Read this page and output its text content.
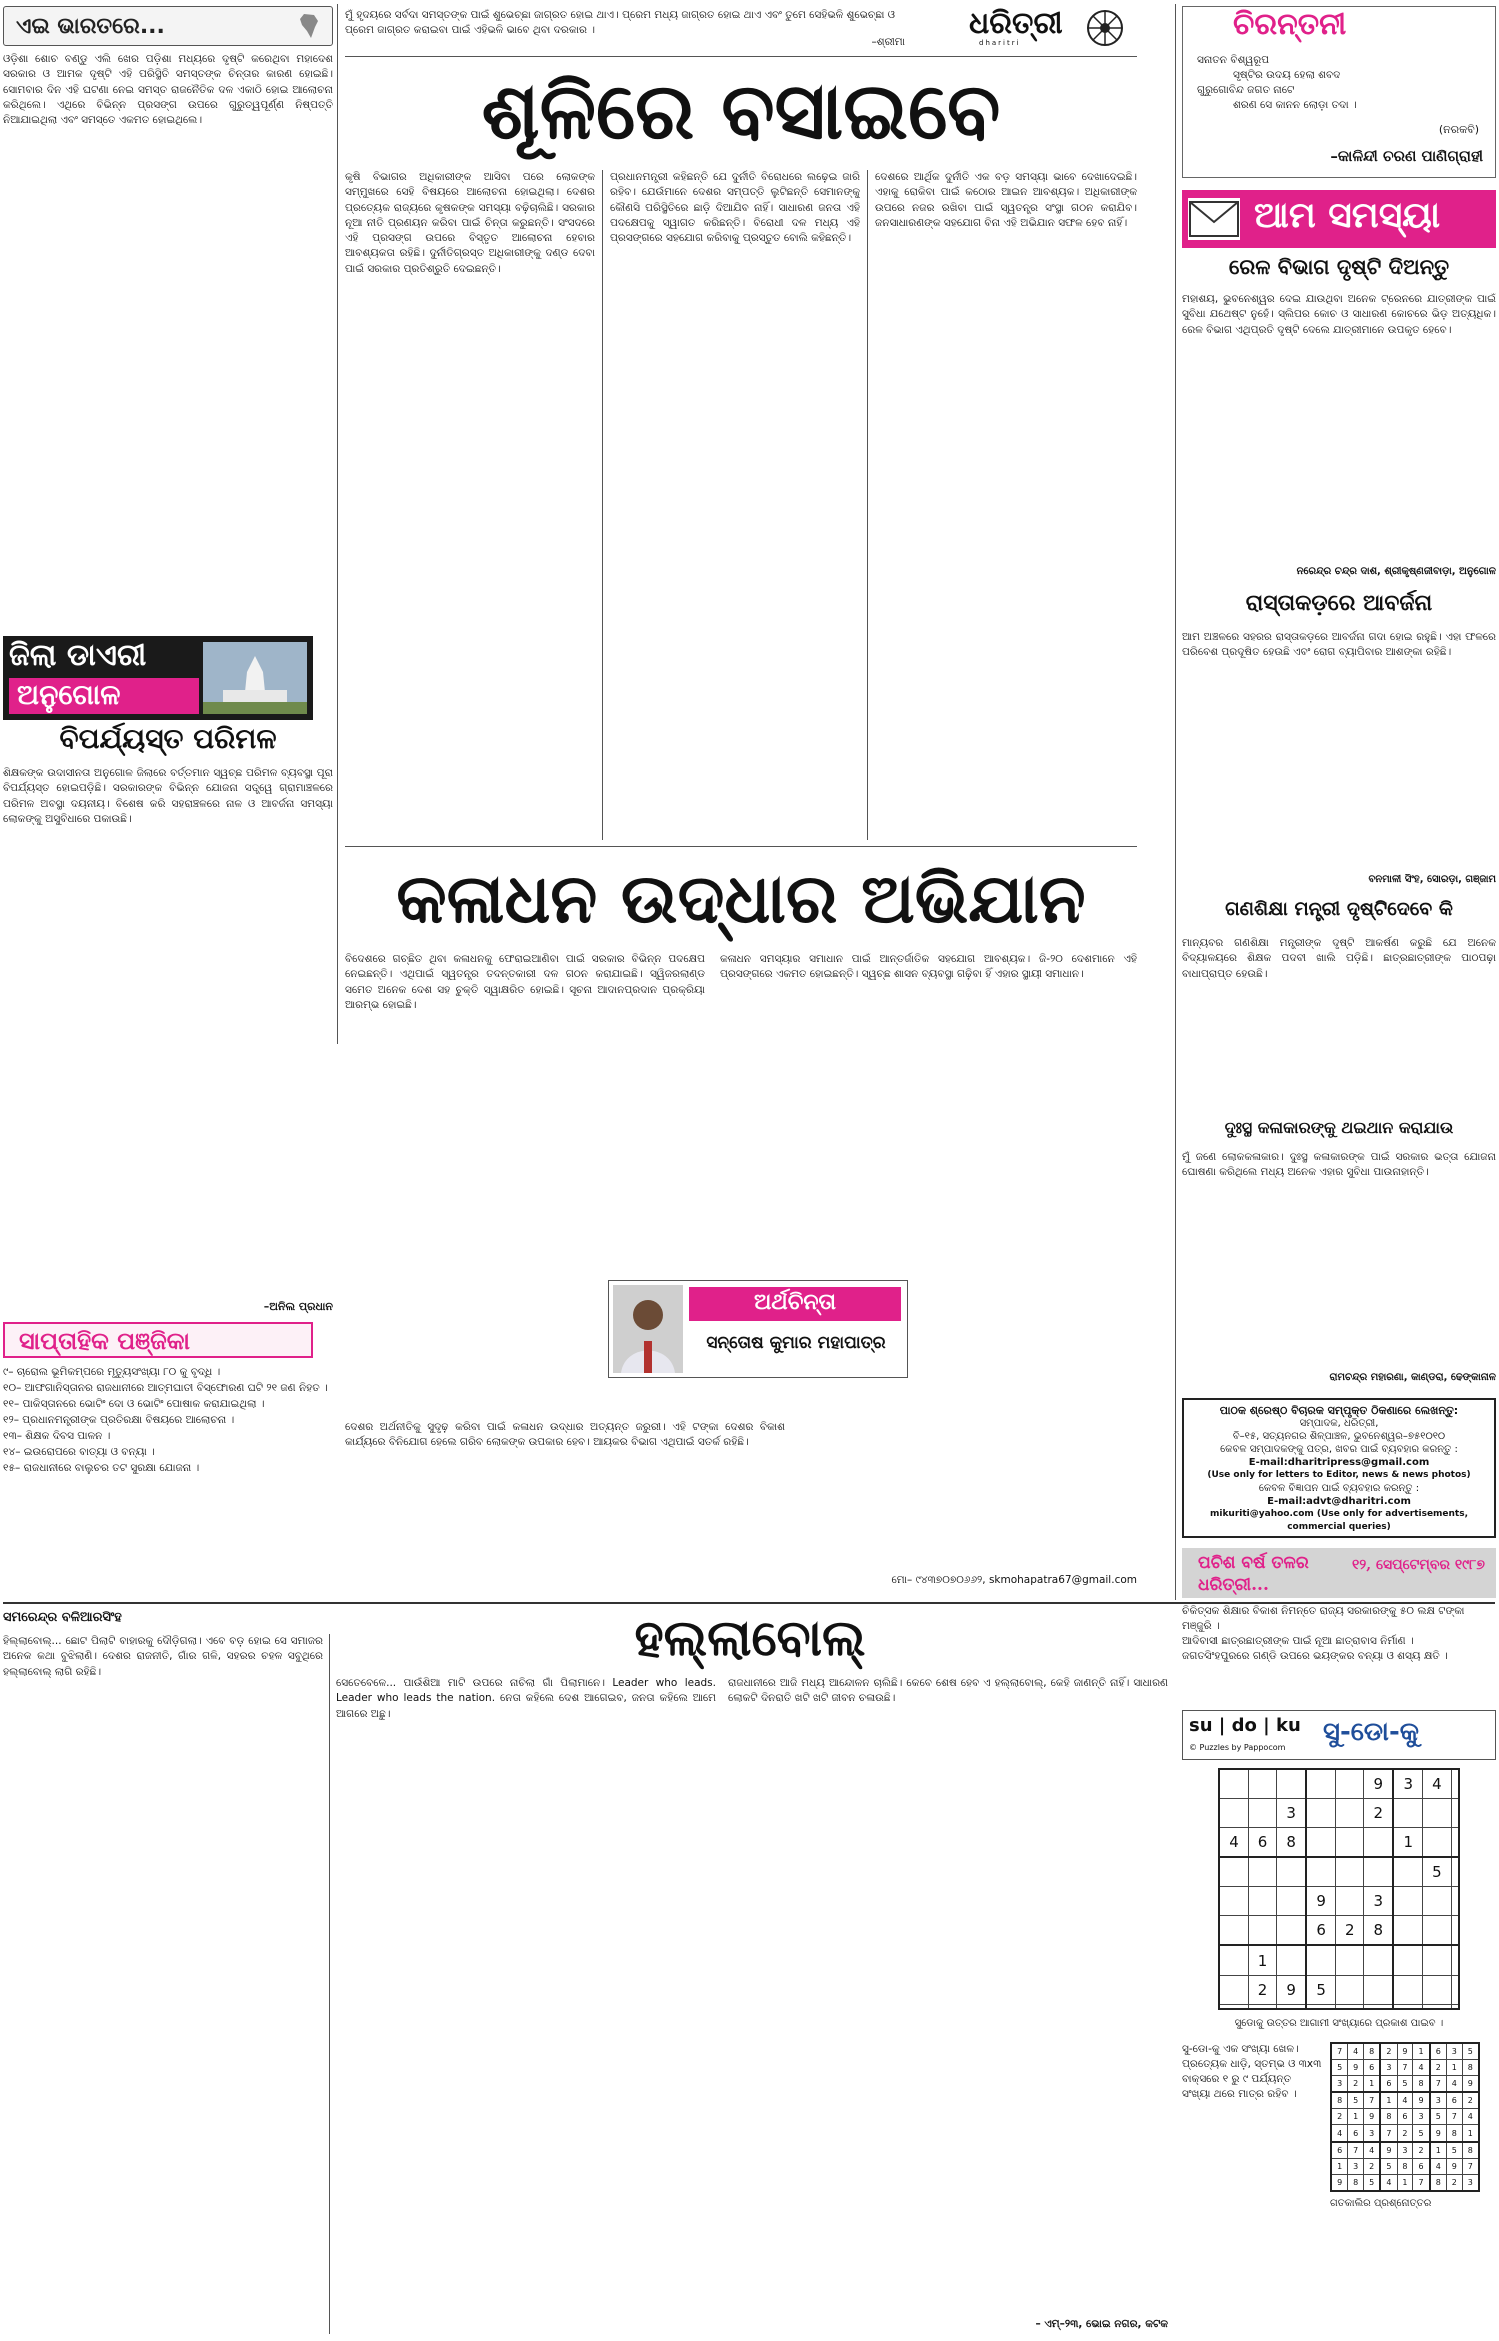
ଏଇ ଭାରତରେ...
ଓଡ଼ିଶା ଶୋଚ ବଣ୍ଡୁ ଏଲି ଖେର ପଡ଼ିଶା ମଧ୍ୟରେ ଦୃଷ୍ଟି କରେଥିବା ମହାଦେଶ ସରକାର ଓ ଆମକ ଦୃଷ୍ଟି ଏହି ପରିସ୍ଥିତି ସମସ୍ତଙ୍କ ଚିନ୍ତାର କାରଣ ହୋଇଛି। ସୋମବାର ଦିନ ଏହି ଘଟଣା ନେଇ ସମସ୍ତ ରାଜନୈତିକ ଦଳ ଏକାଠି ହୋଇ ଆଲୋଚନା କରିଥିଲେ। ଏଥିରେ ବିଭିନ୍ନ ପ୍ରସଙ୍ଗ ଉପରେ ଗୁରୁତ୍ୱପୂର୍ଣ୍ଣ ନିଷ୍ପତ୍ତି ନିଆଯାଇଥିଲା ଏବଂ ସମସ୍ତେ ଏକମତ ହୋଇଥିଲେ।
ଜିଲା ଡାଏରୀ
ଅନୁଗୋଳ
ବିପର୍ଯ୍ୟସ୍ତ ପରିମଳ
ଶିକ୍ଷକଙ୍କ ଉଦାସୀନତା ଅନୁଗୋଳ ଜିଲାରେ ବର୍ତ୍ତମାନ ସ୍ୱଚ୍ଛ ପରିମଳ ବ୍ୟବସ୍ଥା ପୂରା ବିପର୍ଯ୍ୟସ୍ତ ହୋଇପଡ଼ିଛି। ସରକାରଙ୍କ ବିଭିନ୍ନ ଯୋଜନା ସତ୍ତ୍ୱେ ଗ୍ରାମାଞ୍ଚଳରେ ପରିମଳ ଅବସ୍ଥା ଦୟନୀୟ। ବିଶେଷ କରି ସହରାଞ୍ଚଳରେ ନାଳ ଓ ଆବର୍ଜନା ସମସ୍ୟା ଲୋକଙ୍କୁ ଅସୁବିଧାରେ ପକାଉଛି।
–ଅନିଲ ପ୍ରଧାନ
ସାପ୍ତାହିକ ପଞ୍ଜିକା
୯– ଚାରୋଲ ଭୂମିକମ୍ପରେ ମୃତ୍ୟୁସଂଖ୍ୟା ୮୦ କୁ ବୃଦ୍ଧି ।
୧୦– ଆଫଗାନିସ୍ତାନର ରାଜଧାନୀରେ ଆତ୍ମଘାତୀ ବିସ୍ଫୋରଣ ଘଟି ୨୧ ଜଣ ନିହତ ।
୧୧– ପାକିସ୍ତାନରେ ଭୋଟିଂ ଦୋ ଓ ଭୋଟିଂ ପୋଷାକ କରାଯାଇଥିଲା ।
୧୨– ପ୍ରଧାନମନ୍ତ୍ରୀଙ୍କ ପ୍ରତିରକ୍ଷା ବିଷୟରେ ଆଲୋଚନା ।
୧୩– ଶିକ୍ଷକ ଦିବସ ପାଳନ ।
୧୪– ଇଉରୋପରେ ବାତ୍ୟା ଓ ବନ୍ୟା ।
୧୫– ରାଜଧାନୀରେ ବାଲୁଚର ତଟ ସୁରକ୍ଷା ଯୋଜନା ।
ମୁଁ ହୃଦୟରେ ସର୍ବଦା ସମସ୍ତଙ୍କ ପାଇଁ ଶୁଭେଚ୍ଛା ଜାଗ୍ରତ ହୋଇ ଥାଏ। ପ୍ରେମ ମଧ୍ୟ ଜାଗ୍ରତ ହୋଇ ଥାଏ ଏବଂ ତୁମେ ସେହିଭଳି ଶୁଭେଚ୍ଛା ଓ ପ୍ରେମ ଜାଗ୍ରତ କରାଇବା ପାଇଁ ଏହିଭଳି ଭାବେ ଥିବା ଦରକାର ।
–ଶ୍ରୀମା
ଧରିତ୍ରୀ
dharitri
ଶୂଳିରେ ବସାଇବେ
କୃଷି ବିଭାଗର ଅଧିକାରୀଙ୍କ ଆସିବା ପରେ ଲୋକଙ୍କ ସମ୍ମୁଖରେ ସେହି ବିଷୟରେ ଆଲୋଚନା ହୋଇଥିଲା। ଦେଶର ପ୍ରତ୍ୟେକ ରାଜ୍ୟରେ କୃଷକଙ୍କ ସମସ୍ୟା ବଢ଼ିଚାଲିଛି। ସରକାର ନୂଆ ନୀତି ପ୍ରଣୟନ କରିବା ପାଇଁ ଚିନ୍ତା କରୁଛନ୍ତି। ସଂସଦରେ ଏହି ପ୍ରସଙ୍ଗ ଉପରେ ବିସ୍ତୃତ ଆଲୋଚନା ହେବାର ଆବଶ୍ୟକତା ରହିଛି। ଦୁର୍ନୀତିଗ୍ରସ୍ତ ଅଧିକାରୀଙ୍କୁ ଦଣ୍ଡ ଦେବା ପାଇଁ ସରକାର ପ୍ରତିଶ୍ରୁତି ଦେଇଛନ୍ତି।
ପ୍ରଧାନମନ୍ତ୍ରୀ କହିଛନ୍ତି ଯେ ଦୁର୍ନୀତି ବିରୋଧରେ ଲଢ଼େଇ ଜାରି ରହିବ। ଯେଉଁମାନେ ଦେଶର ସମ୍ପତ୍ତି ଲୁଟିଛନ୍ତି ସେମାନଙ୍କୁ କୌଣସି ପରିସ୍ଥିତିରେ ଛାଡ଼ି ଦିଆଯିବ ନାହିଁ। ସାଧାରଣ ଜନତା ଏହି ପଦକ୍ଷେପକୁ ସ୍ୱାଗତ କରିଛନ୍ତି। ବିରୋଧୀ ଦଳ ମଧ୍ୟ ଏହି ପ୍ରସଙ୍ଗରେ ସହଯୋଗ କରିବାକୁ ପ୍ରସ୍ତୁତ ବୋଲି କହିଛନ୍ତି।
ଦେଶରେ ଆର୍ଥିକ ଦୁର୍ନୀତି ଏକ ବଡ଼ ସମସ୍ୟା ଭାବେ ଦେଖାଦେଇଛି। ଏହାକୁ ରୋକିବା ପାଇଁ କଠୋର ଆଇନ ଆବଶ୍ୟକ। ଅଧିକାରୀଙ୍କ ଉପରେ ନଜର ରଖିବା ପାଇଁ ସ୍ୱତନ୍ତ୍ର ସଂସ୍ଥା ଗଠନ କରାଯିବ। ଜନସାଧାରଣଙ୍କ ସହଯୋଗ ବିନା ଏହି ଅଭିଯାନ ସଫଳ ହେବ ନାହିଁ।
କଳାଧନ ଉଦ୍ଧାର ଅଭିଯାନ
ବିଦେଶରେ ଗଚ୍ଛିତ ଥିବା କଳାଧନକୁ ଫେରାଇଆଣିବା ପାଇଁ ସରକାର ବିଭିନ୍ନ ପଦକ୍ଷେପ ନେଇଛନ୍ତି। ଏଥିପାଇଁ ସ୍ୱତନ୍ତ୍ର ତଦନ୍ତକାରୀ ଦଳ ଗଠନ କରାଯାଇଛି। ସ୍ୱିଜରଲାଣ୍ଡ ସମେତ ଅନେକ ଦେଶ ସହ ଚୁକ୍ତି ସ୍ୱାକ୍ଷରିତ ହୋଇଛି। ସୂଚନା ଆଦାନପ୍ରଦାନ ପ୍ରକ୍ରିୟା ଆରମ୍ଭ ହୋଇଛି।
କଳାଧନ ସମସ୍ୟାର ସମାଧାନ ପାଇଁ ଆନ୍ତର୍ଜାତିକ ସହଯୋଗ ଆବଶ୍ୟକ। ଜି-୨୦ ଦେଶମାନେ ଏହି ପ୍ରସଙ୍ଗରେ ଏକମତ ହୋଇଛନ୍ତି। ସ୍ୱଚ୍ଛ ଶାସନ ବ୍ୟବସ୍ଥା ଗଢ଼ିବା ହିଁ ଏହାର ସ୍ଥାୟୀ ସମାଧାନ।
ଅର୍ଥଚିନ୍ତା
ସନ୍ତୋଷ କୁମାର ମହାପାତ୍ର
ଦେଶର ଅର୍ଥନୀତିକୁ ସୁଦୃଢ଼ କରିବା ପାଇଁ କଳାଧନ ଉଦ୍ଧାର ଅତ୍ୟନ୍ତ ଜରୁରୀ। ଏହି ଟଙ୍କା ଦେଶର ବିକାଶ କାର୍ଯ୍ୟରେ ବିନିଯୋଗ ହେଲେ ଗରିବ ଲୋକଙ୍କ ଉପକାର ହେବ। ଆୟକର ବିଭାଗ ଏଥିପାଇଁ ସତର୍କ ରହିଛି।
ମୋ– ୯୪୩୭୦୭୦୬୬୨, skmohapatra67@gmail.com
ଚିରନ୍ତନୀ
ସନାତନ ବିଶ୍ୱରୂପ
ସୃଷ୍ଟିର ଉଦୟ ହେଲା ଶବଦ
ଗୁରୁଗୋବିନ୍ଦ ଜଗତ ନାଟେ
ଶରଣ ସେ କାନନ ଲୋଡ଼ା ତଦା ।
(ନରକବି)
–କାଳିନ୍ଦୀ ଚରଣ ପାଣିଗ୍ରାହୀ
ଆମ ସମସ୍ୟା
ରେଳ ବିଭାଗ ଦୃଷ୍ଟି ଦିଅନ୍ତୁ
ମହାଶୟ, ଭୁବନେଶ୍ୱର ଦେଇ ଯାଉଥିବା ଅନେକ ଟ୍ରେନରେ ଯାତ୍ରୀଙ୍କ ପାଇଁ ସୁବିଧା ଯଥେଷ୍ଟ ନୁହେଁ। ସ୍ଲିପର କୋଚ ଓ ସାଧାରଣ କୋଚରେ ଭିଡ଼ ଅତ୍ୟଧିକ। ରେଳ ବିଭାଗ ଏଥିପ୍ରତି ଦୃଷ୍ଟି ଦେଲେ ଯାତ୍ରୀମାନେ ଉପକୃତ ହେବେ।
ନରେନ୍ଦ୍ର ଚନ୍ଦ୍ର ଦାଶ, ଶ୍ରୀକୃଷ୍ଣଜୀବାଡ଼ା, ଅନୁଗୋଳ
ରାସ୍ତାକଡ଼ରେ ଆବର୍ଜନା
ଆମ ଅଞ୍ଚଳରେ ସହରର ରାସ୍ତାକଡ଼ରେ ଆବର୍ଜନା ଗଦା ହୋଇ ରହୁଛି। ଏହା ଫଳରେ ପରିବେଶ ପ୍ରଦୂଷିତ ହେଉଛି ଏବଂ ରୋଗ ବ୍ୟାପିବାର ଆଶଙ୍କା ରହିଛି।
ବନମାଳୀ ସିଂହ, ସୋରଡ଼ା, ଗଞ୍ଜାମ
ଗଣଶିକ୍ଷା ମନ୍ତ୍ରୀ ଦୃଷ୍ଟିଦେବେ କି
ମାନ୍ୟବର ଗଣଶିକ୍ଷା ମନ୍ତ୍ରୀଙ୍କ ଦୃଷ୍ଟି ଆକର୍ଷଣ କରୁଛି ଯେ ଅନେକ ବିଦ୍ୟାଳୟରେ ଶିକ୍ଷକ ପଦବୀ ଖାଲି ପଡ଼ିଛି। ଛାତ୍ରଛାତ୍ରୀଙ୍କ ପାଠପଢ଼ା ବାଧାପ୍ରାପ୍ତ ହେଉଛି।
ଦୁଃସ୍ଥ କଳାକାରଙ୍କୁ ଥଇଥାନ କରାଯାଉ
ମୁଁ ଜଣେ ଲୋକକଳାକାର। ଦୁଃସ୍ଥ କଳାକାରଙ୍କ ପାଇଁ ସରକାର ଭତ୍ତା ଯୋଜନା ଘୋଷଣା କରିଥିଲେ ମଧ୍ୟ ଅନେକ ଏହାର ସୁବିଧା ପାଉନାହାନ୍ତି।
ରାମଚନ୍ଦ୍ର ମହାରଣା, କାଣ୍ଡରା, ଢେଙ୍କାନାଳ
ପାଠକ ଶ୍ରେଷ୍ଠ ବିଚାରକ ସମ୍ପୃକ୍ତ ଠିକଣାରେ ଲେଖନ୍ତୁ:
ସମ୍ପାଦକ, ଧରିତ୍ରୀ,
ବି–୧୫, ସତ୍ୟନଗର ଶିଳ୍ପାଞ୍ଚଳ, ଭୁବନେଶ୍ୱର–୭୫୧୦୧୦
କେବଳ ସମ୍ପାଦକଙ୍କୁ ପତ୍ର, ଖବର ପାଇଁ ବ୍ୟବହାର କରନ୍ତୁ :
E-mail:dharitripress@gmail.com
(Use only for letters to Editor, news & news photos)
କେବଳ ବିଜ୍ଞାପନ ପାଇଁ ବ୍ୟବହାର କରନ୍ତୁ :
E-mail:advt@dharitri.com
mikuriti@yahoo.com (Use only for advertisements, commercial queries)
ପଚିଶ ବର୍ଷ ତଳର ଧରିତ୍ରୀ...
୧୨, ସେପ୍ଟେମ୍ବର ୧୯୮୭
ଚିକିତ୍ସକ ଶିକ୍ଷାର ବିକାଶ ନିମନ୍ତେ ରାଜ୍ୟ ସରକାରଙ୍କୁ ୫୦ ଲକ୍ଷ ଟଙ୍କା ମଞ୍ଜୁରି ।
ଆଦିବାସୀ ଛାତ୍ରଛାତ୍ରୀଙ୍କ ପାଇଁ ନୂଆ ଛାତ୍ରାବାସ ନିର୍ମାଣ ।
ଜଗତସିଂହପୁରରେ ଗଣ୍ଡି ଉପରେ ଭୟଙ୍କର ବନ୍ୟା ଓ ଶସ୍ୟ କ୍ଷତି ।
su | do | ku
© Puzzles by Pappocom
ସୁ-ଡୋ-କୁ
					9	3	4	
		3			2			
4	6	8				1		
							5	
			9		3			
			6	2	8			
	1							
	2	9	5					

ସୁଡୋକୁ ଉତ୍ତର ଆଗାମୀ ସଂଖ୍ୟାରେ ପ୍ରକାଶ ପାଇବ ।
ସୁ-ଡୋ-କୁ ଏକ ସଂଖ୍ୟା ଖେଳ। ପ୍ରତ୍ୟେକ ଧାଡ଼ି, ସ୍ତମ୍ଭ ଓ ୩x୩ ବାକ୍ସରେ ୧ ରୁ ୯ ପର୍ଯ୍ୟନ୍ତ ସଂଖ୍ୟା ଥରେ ମାତ୍ର ରହିବ ।
7	4	8	2	9	1	6	3	5
5	9	6	3	7	4	2	1	8
3	2	1	6	5	8	7	4	9
8	5	7	1	4	9	3	6	2
2	1	9	8	6	3	5	7	4
4	6	3	7	2	5	9	8	1
6	7	4	9	3	2	1	5	8
1	3	2	5	8	6	4	9	7
9	8	5	4	1	7	8	2	3
ଗତକାଲିର ପ୍ରଶ୍ନୋତ୍ତର
ସମରେନ୍ଦ୍ର ବଳିଆରସିଂହ	ହଲ୍ଲାବୋଲ୍
ହିଲ୍ଲାବୋଲ୍... ଛୋଟ ପିଲାଟି ବାହାରକୁ ଦୌଡ଼ିଗଲା। ଏବେ ବଡ଼ ହୋଇ ସେ ସମାଜର ଅନେକ କଥା ବୁଝିଲାଣି। ଦେଶର ରାଜନୀତି, ଗାଁର ଗଳି, ସହରର ଚହଳ ସବୁଥିରେ ହଲ୍ଲାବୋଲ୍ ଲାଗି ରହିଛି।
ସେତେବେଳେ... ପାଉଁଶିଆ ମାଟି ଉପରେ ନାଚିଲା ଗାଁ ପିଲାମାନେ। Leader who leads. Leader who leads the nation. ନେତା କହିଲେ ଦେଶ ଆଗେଇବ, ଜନତା କହିଲେ ଆମେ ଆଗରେ ଅଛୁ।
ରାଜଧାନୀରେ ଆଜି ମଧ୍ୟ ଆନ୍ଦୋଳନ ଚାଲିଛି। କେବେ ଶେଷ ହେବ ଏ ହଲ୍ଲାବୋଲ୍, କେହି ଜାଣନ୍ତି ନାହିଁ। ସାଧାରଣ ଲୋକଟି ଦିନରାତି ଖଟି ଖଟି ଜୀବନ ଚଳାଉଛି।
– ଏମ୍–୨୩, ଭୋଇ ନଗର, କଟକ
